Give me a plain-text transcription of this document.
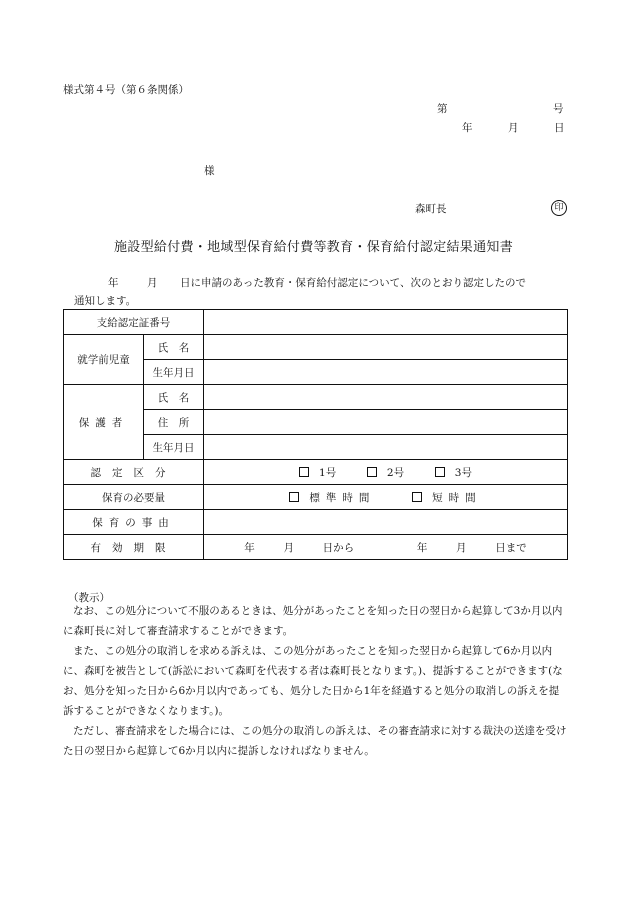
様式第４号（第６条関係）
第	号
年	月	日
様
森町長	印
施設型給付費・地域型保育給付費等教育・保育給付認定結果通知書
年	月 日に申請のあった教育・保育給付認定について、次のとおり認定したので
通知します。
支給認定証番号		
就学前児童	氏　名	
	生年月日	
保護者	氏　名	
	住　所	
	生年月日	
認定区分		1号 2号 3号
保育の必要量		標準時間 短時間
保育の事由		
有効期限		年 月 日から 年 月 日まで
（教示）
なお、この処分について不服のあるときは、処分があったことを知った日の翌日から起算して3か月以内に森町長に対して審査請求することができます。
また、この処分の取消しを求める訴えは、この処分があったことを知った翌日から起算して6か月以内に、森町を被告として(訴訟において森町を代表する者は森町長となります。)、提訴することができます(なお、処分を知った日から6か月以内であっても、処分した日から1年を経過すると処分の取消しの訴えを提訴することができなくなります。)。
ただし、審査請求をした場合には、この処分の取消しの訴えは、その審査請求に対する裁決の送達を受けた日の翌日から起算して6か月以内に提訴しなければなりません。
